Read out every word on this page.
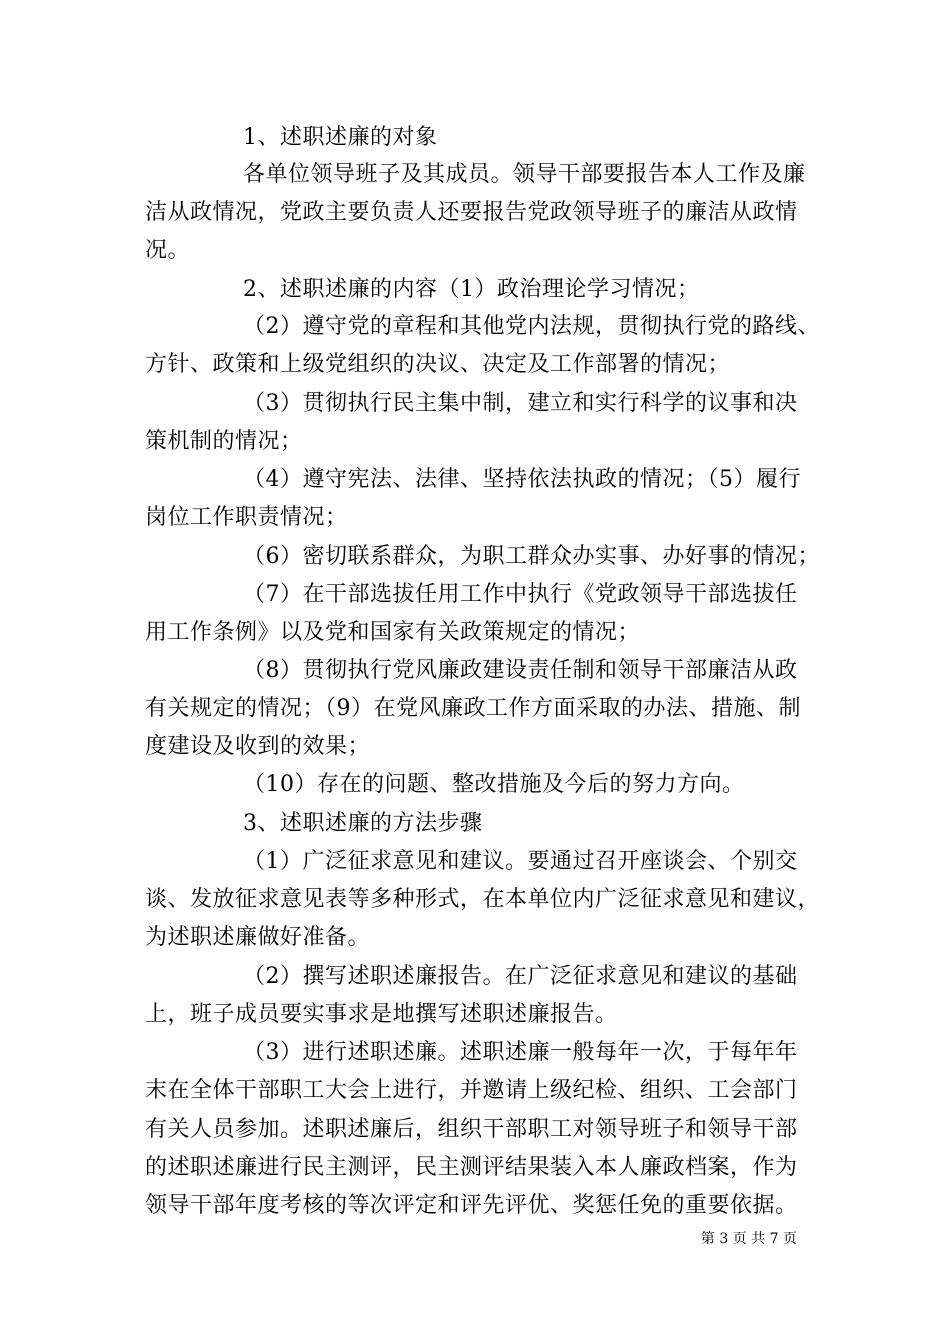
1、述职述廉的对象
各单位领导班子及其成员。领导干部要报告本人工作及廉
洁从政情况，党政主要负责人还要报告党政领导班子的廉洁从政情
况。
2、述职述廉的内容（1）政治理论学习情况；
（2）遵守党的章程和其他党内法规，贯彻执行党的路线、
方针、政策和上级党组织的决议、决定及工作部署的情况；
（3）贯彻执行民主集中制，建立和实行科学的议事和决
策机制的情况；
（4）遵守宪法、法律、坚持依法执政的情况；（5）履行
岗位工作职责情况；
（6）密切联系群众，为职工群众办实事、办好事的情况；
（7）在干部选拔任用工作中执行《党政领导干部选拔任
用工作条例》以及党和国家有关政策规定的情况；
（8）贯彻执行党风廉政建设责任制和领导干部廉洁从政
有关规定的情况；（9）在党风廉政工作方面采取的办法、措施、制
度建设及收到的效果；
（10）存在的问题、整改措施及今后的努力方向。
3、述职述廉的方法步骤
（1）广泛征求意见和建议。要通过召开座谈会、个别交
谈、发放征求意见表等多种形式，在本单位内广泛征求意见和建议，
为述职述廉做好准备。
（2）撰写述职述廉报告。在广泛征求意见和建议的基础
上，班子成员要实事求是地撰写述职述廉报告。
（3）进行述职述廉。述职述廉一般每年一次，于每年年
末在全体干部职工大会上进行，并邀请上级纪检、组织、工会部门
有关人员参加。述职述廉后，组织干部职工对领导班子和领导干部
的述职述廉进行民主测评，民主测评结果装入本人廉政档案，作为
领导干部年度考核的等次评定和评先评优、奖惩任免的重要依据。
第 3 页 共 7 页
